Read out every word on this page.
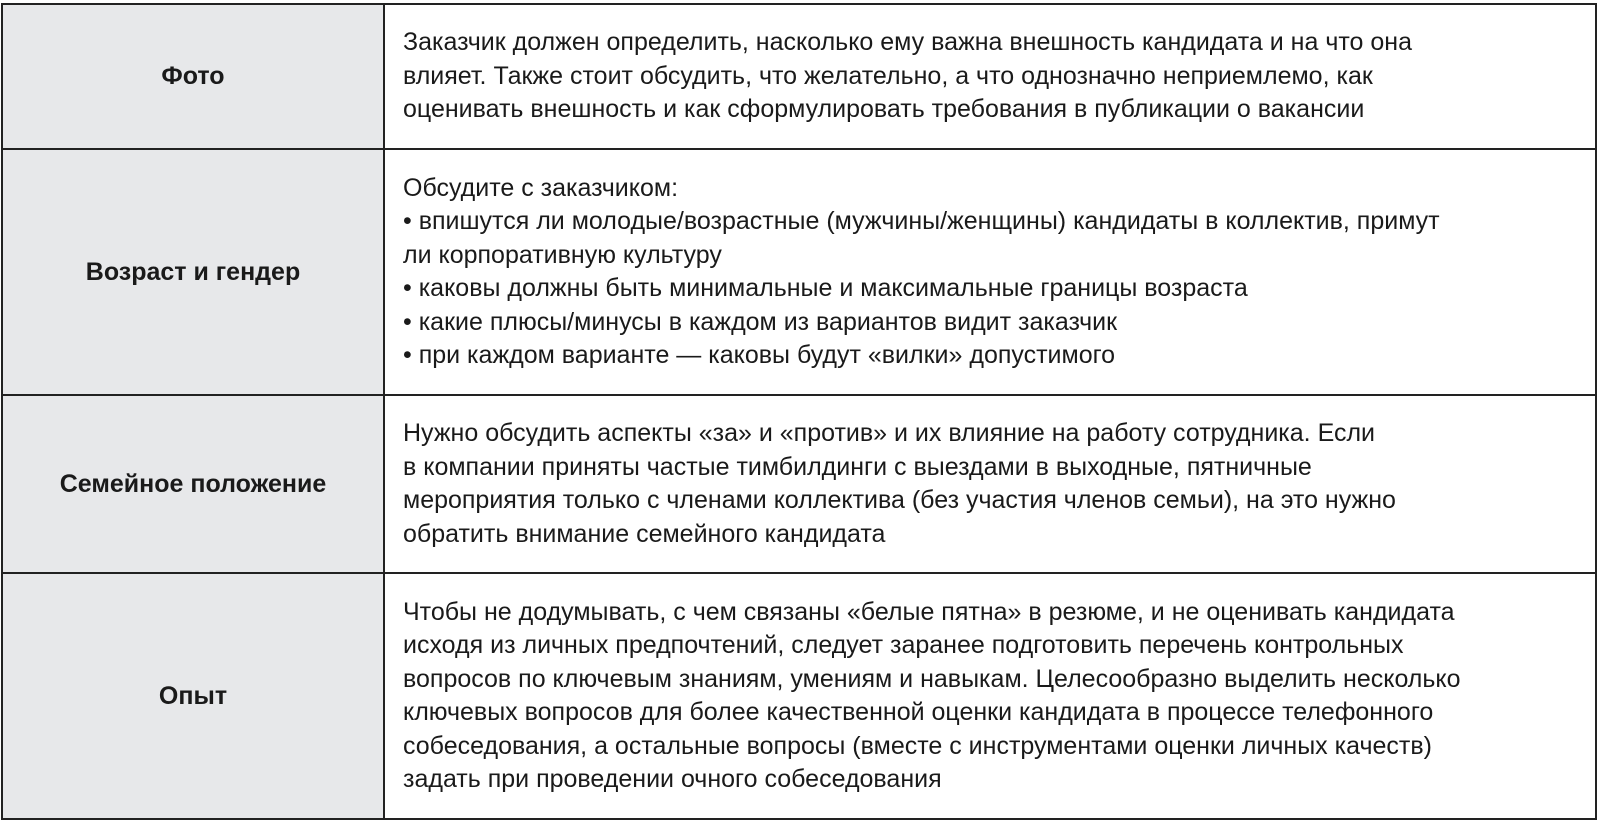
Фото

Заказчик должен определить, насколько ему важна внешность кандидата и на что она

влияет. Также стоит обсудить, что желательно, а что однозначно неприемлемо, как

оценивать внешность и как сформулировать требования в публикации о вакансии

Возраст и гендер

Обсудите с заказчиком:

• впишутся ли молодые/возрастные (мужчины/женщины) кандидаты в коллектив, примут

ли корпоративную культуру

• каковы должны быть минимальные и максимальные границы возраста

• какие плюсы/минусы в каждом из вариантов видит заказчик

• при каждом варианте — каковы будут «вилки» допустимого

Семейное положение

Нужно обсудить аспекты «за» и «против» и их влияние на работу сотрудника. Если

в компании приняты частые тимбилдинги с выездами в выходные, пятничные

мероприятия только с членами коллектива (без участия членов семьи), на это нужно

обратить внимание семейного кандидата

Опыт

Чтобы не додумывать, с чем связаны «белые пятна» в резюме, и не оценивать кандидата

исходя из личных предпочтений, следует заранее подготовить перечень контрольных

вопросов по ключевым знаниям, умениям и навыкам. Целесообразно выделить несколько

ключевых вопросов для более качественной оценки кандидата в процессе телефонного

собеседования, а остальные вопросы (вместе с инструментами оценки личных качеств)

задать при проведении очного собеседования
